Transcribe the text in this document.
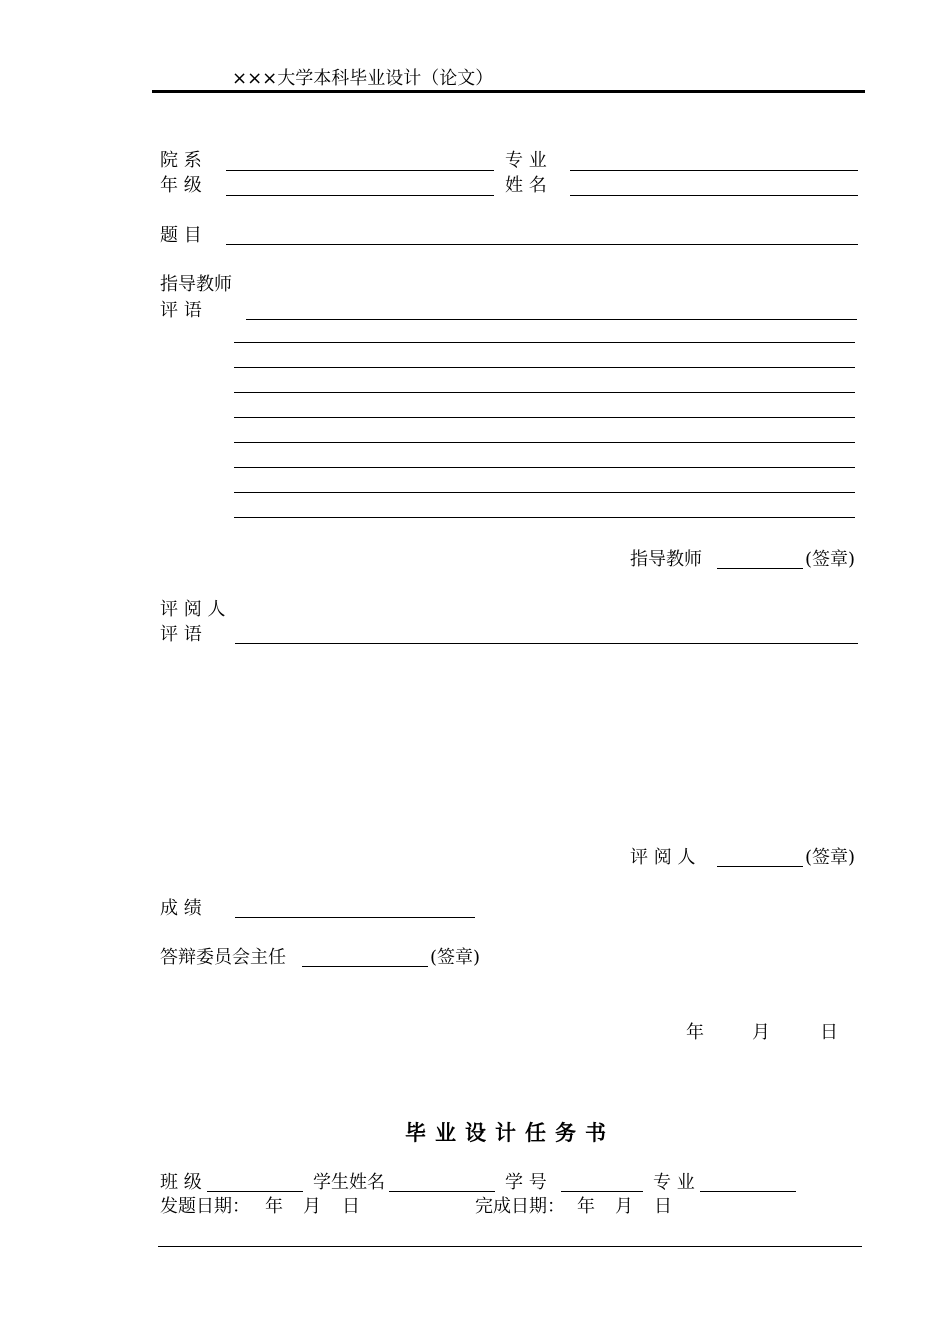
×××大学本科毕业设计（论文）
院 系	专 业
年 级	姓 名
题 目
指导教师
评 语
指导教师	(签章)
评 阅 人
评 语
评 阅 人	(签章)
成 绩
答辩委员会主任	(签章)
年	月	日
毕业设计任务书
班 级	学生姓名	学 号	专 业
发题日期： 年 月 日	完成日期： 年 月 日
